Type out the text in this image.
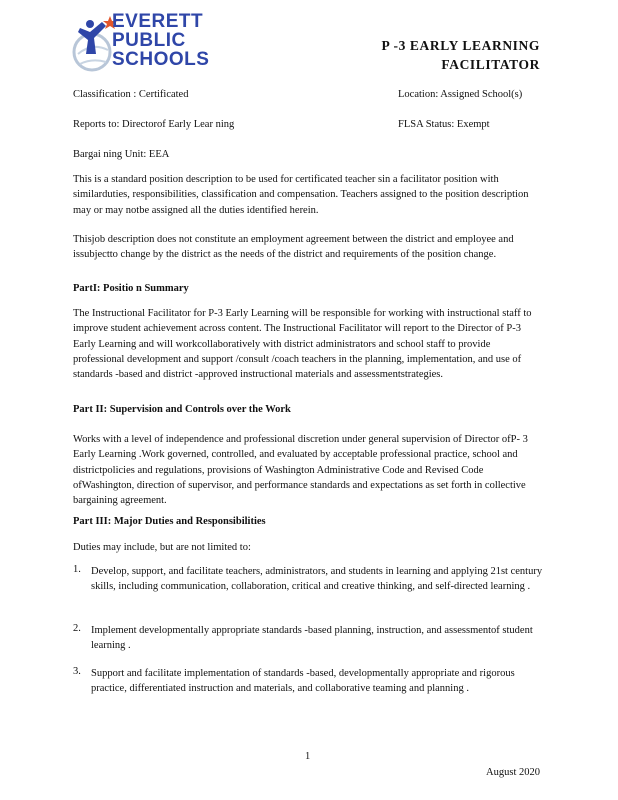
EVERETT
PUBLIC
SCHOOLS
P -3 EARLY LEARNING
FACILITATOR
Classification : Certificated	Location: Assigned School(s)
Reports to: Directorof Early Lear ning	FLSA Status: Exempt
Bargai ning Unit: EEA
This is a standard position description to be used for certificated teacher sin a facilitator position with similarduties, responsibilities, classification and compensation. Teachers assigned to the position description may or may notbe assigned all the duties identified herein.
Thisjob description does not constitute an employment agreement between the district and employee and issubjectto change by the district as the needs of the district and requirements of the position change.
PartI: Positio n Summary
The Instructional Facilitator for P-3 Early Learning will be responsible for working with instructional staff to improve student achievement across content. The Instructional Facilitator will report to the Director of P-3 Early Learning and will workcollaboratively with district administrators and school staff to provide professional development and support /consult /coach teachers in the planning, implementation, and use of standards -based and district -approved instructional materials and assessmentstrategies.
Part II: Supervision and Controls over the Work
Works with a level of independence and professional discretion under general supervision of Director ofP- 3 Early Learning .Work governed, controlled, and evaluated by acceptable professional practice, school and districtpolicies and regulations, provisions of Washington Administrative Code and Revised Code ofWashington, direction of supervisor, and performance standards and expectations as set forth in collective bargaining agreement.
Part III: Major Duties and Responsibilities
Duties may include, but are not limited to:
1. Develop, support, and facilitate teachers, administrators, and students in learning and applying 21st century skills, including communication, collaboration, critical and creative thinking, and self-directed learning .
2. Implement developmentally appropriate standards -based planning, instruction, and assessmentof student learning .
3. Support and facilitate implementation of standards -based, developmentally appropriate and rigorous practice, differentiated instruction and materials, and collaborative teaming and planning .
1
August 2020
